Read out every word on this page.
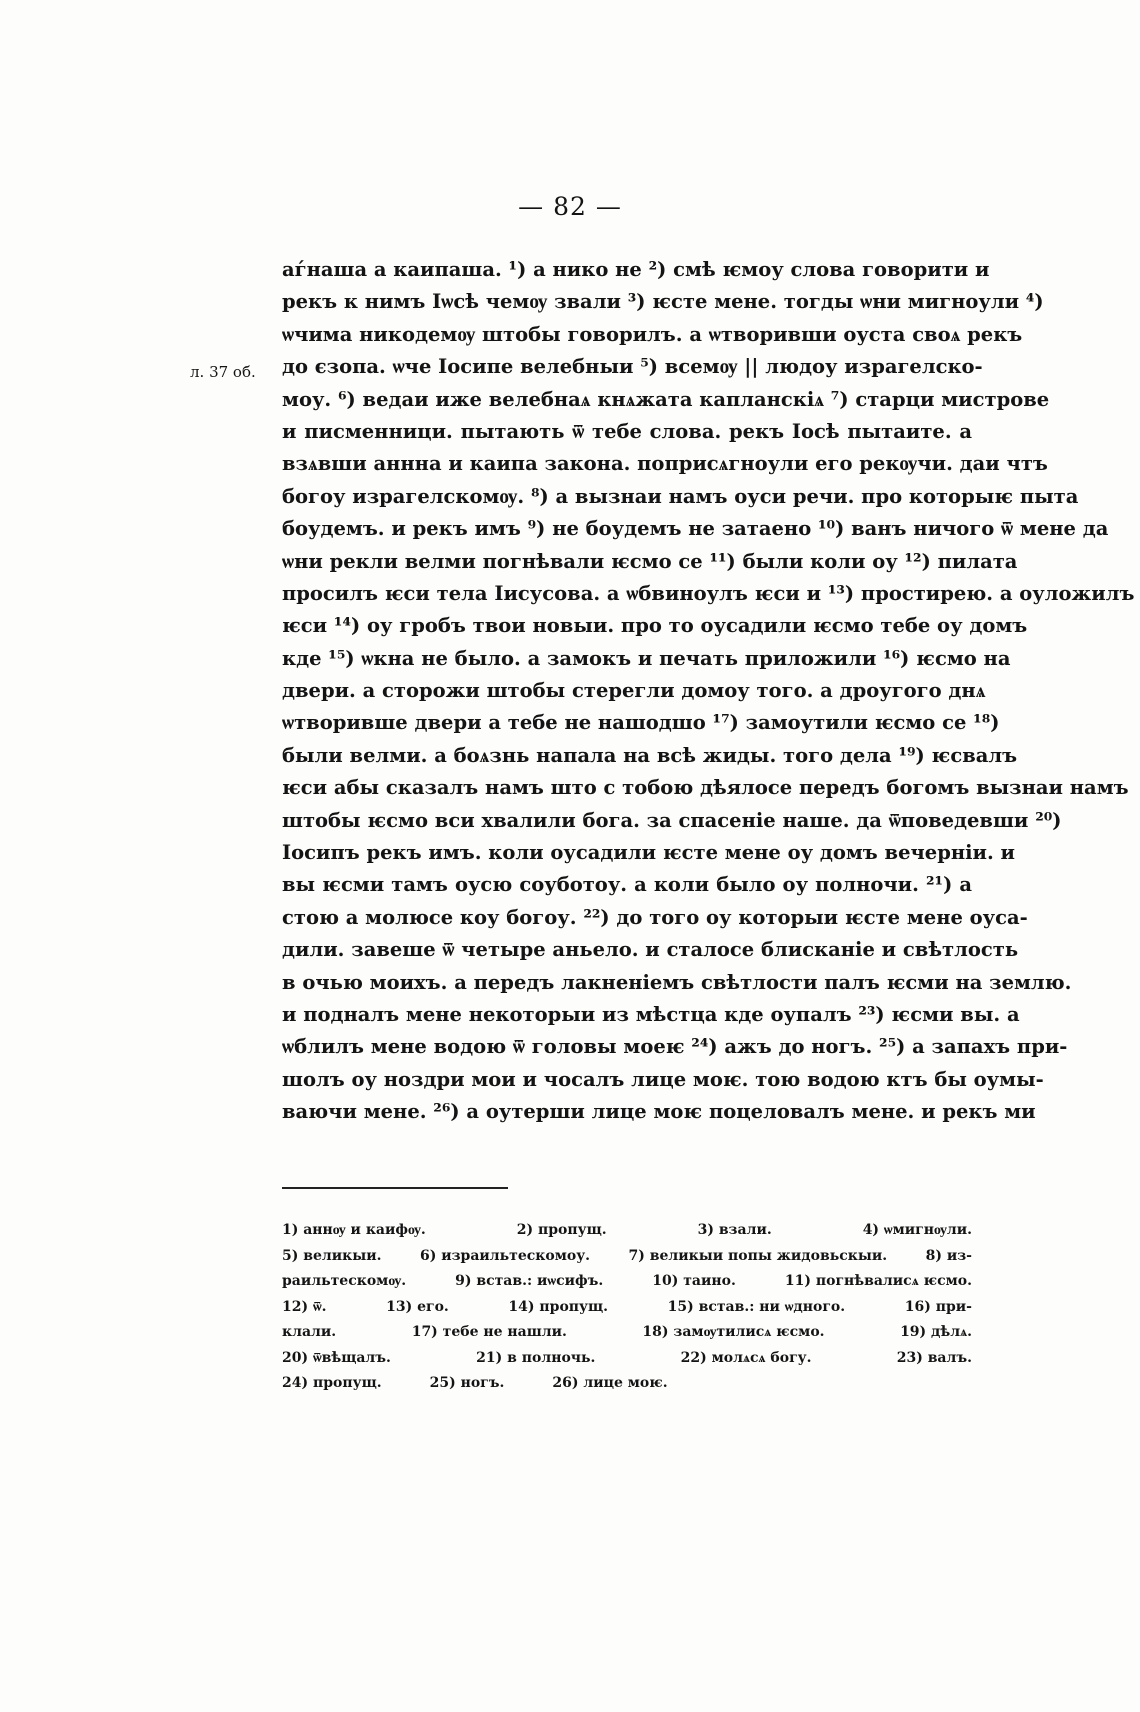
— 82 —
л. 37 об.
аѓнаша а каипаша. ¹) а нико не ²) смѣ ѥмоу слова говорити и
рекъ к нимъ Іѡсѣ чемѹ звали ³) ѥсте мене. тогды ѡни мигноули ⁴)
ѡчима никодемѹ штобы говорилъ. а ѡтворивши оуста своѧ рекъ
до єзопа. ѡче Іосипе велебныи ⁵) всемѹ || людоу израгелско-
моу. ⁶) ведаи иже велебнаѧ кнѧжата капланскіѧ ⁷) старци мистрове
и писменници. пытають ѿ тебе слова. рекъ Іосѣ пытаите. а
взѧвши аннна и каипа закона. поприсѧгноули его рекѹчи. даи чтъ
богоу израгелскомѹ. ⁸) а вызнаи намъ оуси речи. про которыѥ пыта
боудемъ. и рекъ имъ ⁹) не боудемъ не затаено ¹⁰) ванъ ничого ѿ мене да
ѡни рекли велми погнѣвали ѥсмо се ¹¹) были коли оу ¹²) пилата
просилъ ѥси тела Іисусова. а ѡбвиноулъ ѥси и ¹³) простирею. а оуложилъ
ѥси ¹⁴) оу гробъ твои новыи. про то оусадили ѥсмо тебе оу домъ
кде ¹⁵) ѡкна не было. а замокъ и печать приложили ¹⁶) ѥсмо на
двери. а сторожи штобы стерегли домоу того. а дроугого днѧ
ѡтворивше двери а тебе не нашодшо ¹⁷) замоутили ѥсмо се ¹⁸)
были велми. а боѧзнь напала на всѣ жиды. того дела ¹⁹) ѥсвалъ
ѥси абы сказалъ намъ што с тобою дѣялосе передъ богомъ вызнаи намъ
штобы ѥсмо вси хвалили бога. за спасеніе наше. да ѿповедевши ²⁰)
Іосипъ рекъ имъ. коли оусадили ѥсте мене оу домъ вечерніи. и
вы ѥсми тамъ оусю соуботоу. а коли было оу полночи. ²¹) а
стою а молюсе коу богоу. ²²) до того оу которыи ѥсте мене оуса-
дили. завеше ѿ четыре аньело. и сталосе блисканіе и свѣтлость
в очью моихъ. а передъ лакненіемъ свѣтлости палъ ѥсми на землю.
и подналъ мене некоторыи из мѣстца кде оупалъ ²³) ѥсми вы. а
ѡблилъ мене водою ѿ головы моеѥ ²⁴) ажъ до ногъ. ²⁵) а запахъ при-
шолъ оу ноздри мои и чосалъ лице моѥ. тою водою ктъ бы оумы-
ваючи мене. ²⁶) а оутерши лице моѥ поцеловалъ мене. и рекъ ми
1) аннѹ и каифѹ.	2) пропущ.	3) взали.	4) ѡмигнѹли.
5) великыи.	6) израильтескомоу.	7) великыи попы жидовьскыи.	8) из-
раильтескомѹ.	9) встав.: иѡсифъ.	10) таино.	11) погнѣвалисѧ ѥсмо.
12) ѿ.	13) его.	14) пропущ.	15) встав.: ни ѡдного.	16) при-
клали.	17) тебе не нашли.	18) замѹтилисѧ ѥсмо.	19) дѣлѧ.
20) ѿвѣщалъ.	21) в полночь.	22) молѧсѧ богу.	23) валъ.
24) пропущ.	25) ногъ.	26) лице моѥ.
